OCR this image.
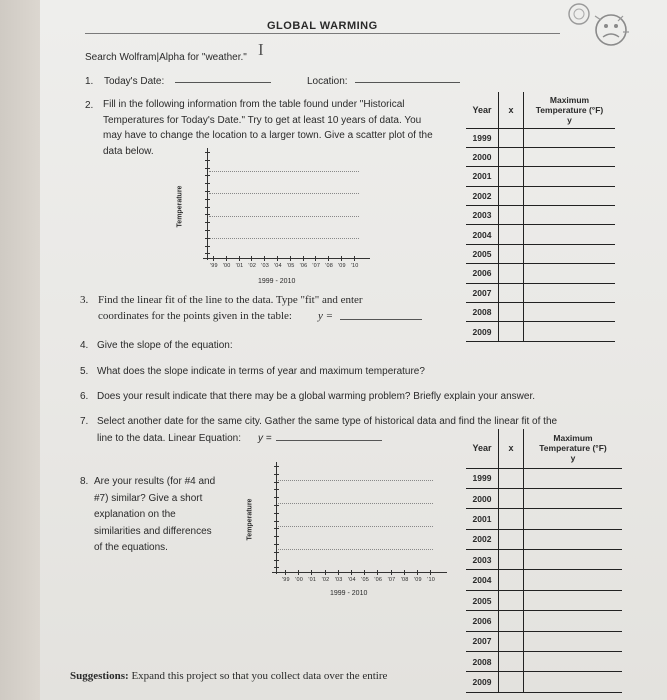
GLOBAL WARMING
Search Wolfram|Alpha for "weather." I
1. Today's Date:	Location:
2. Fill in the following information from the table found under "Historical
Temperatures for Today's Date." Try to get at least 10 years of data. You
may have to change the location to a larger town. Give a scatter plot of the
data below.
'99 '00 '01 '02 '03 '04 '05 '06 '07 '08 '09 '10
Temperature
1999 - 2010
Year	x	Maximum
Temperature (°F)
y

1999		
2000		
2001		
2002		
2003		
2004		
2005		
2006		
2007		
2008		
2009		
3. Find the linear fit of the line to the data. Type "fit" and enter
coordinates for the points given in the table: y =
4. Give the slope of the equation:
5. What does the slope indicate in terms of year and maximum temperature?
6. Does your result indicate that there may be a global warming problem? Briefly explain your answer.
7. Select another date for the same city. Gather the same type of historical data and find the linear fit of the
line to the data. Linear Equation: y =
8. Are your results (for #4 and
#7) similar? Give a short
explanation on the
similarities and differences
of the equations.
'99 '00 '01 '02 '03 '04 '05 '06 '07 '08 '09 '10
Temperature
1999 - 2010
Year	x	Maximum
Temperature (°F)
y

1999		
2000		
2001		
2002		
2003		
2004		
2005		
2006		
2007		
2008		
2009		
Suggestions: Expand this project so that you collect data over the entire
